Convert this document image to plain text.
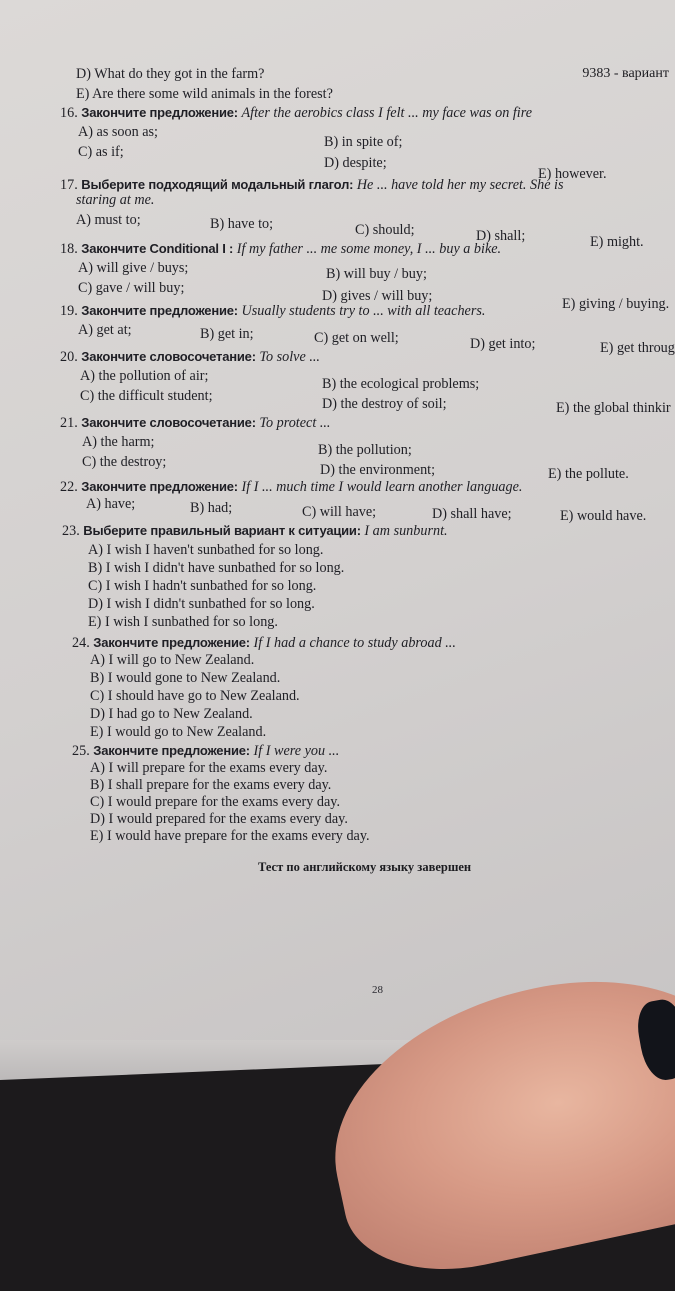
9383 - вариант
D) What do they got in the farm?
E) Are there some wild animals in the forest?
16. Закончите предложение: After the aerobics class I felt ... my face was on fire
A) as soon as;
B) in spite of;
C) as if;
D) despite;
E) however.
17. Выберите подходящий модальный глагол: He ... have told her my secret. She is
staring at me.
A) must to;	B) have to;	C) should;	D) shall;	E) might.
18. Закончите Conditional I : If my father ... me some money, I ... buy a bike.
A) will give / buys;	B) will buy / buy;
C) gave / will buy;	D) gives / will buy;	E) giving / buying.
19. Закончите предложение: Usually students try to ... with all teachers.
A) get at;	B) get in;	C) get on well;	D) get into;	E) get throug
20. Закончите словосочетание: To solve ...
A) the pollution of air;	B) the ecological problems;
C) the difficult student;	D) the destroy of soil;	E) the global thinkir
21. Закончите словосочетание: To protect ...
A) the harm;	B) the pollution;
C) the destroy;	D) the environment;	E) the pollute.
22. Закончите предложение: If I ... much time I would learn another language.
A) have;	B) had;	C) will have;	D) shall have;	E) would have.
23. Выберите правильный вариант к ситуации: I am sunburnt.
A) I wish I haven't sunbathed for so long.
B) I wish I didn't have sunbathed for so long.
C) I wish I hadn't sunbathed for so long.
D) I wish I didn't sunbathed for so long.
E) I wish I sunbathed for so long.
24. Закончите предложение: If I had a chance to study abroad ...
A) I will go to New Zealand.
B) I would gone to New Zealand.
C) I should have go to New Zealand.
D) I had go to New Zealand.
E) I would go to New Zealand.
25. Закончите предложение: If I were you ...
A) I will prepare for the exams every day.
B) I shall prepare for the exams every day.
C) I would prepare for the exams every day.
D) I would prepared for the exams every day.
E) I would have prepare for the exams every day.
Тест по английскому языку завершен
28
